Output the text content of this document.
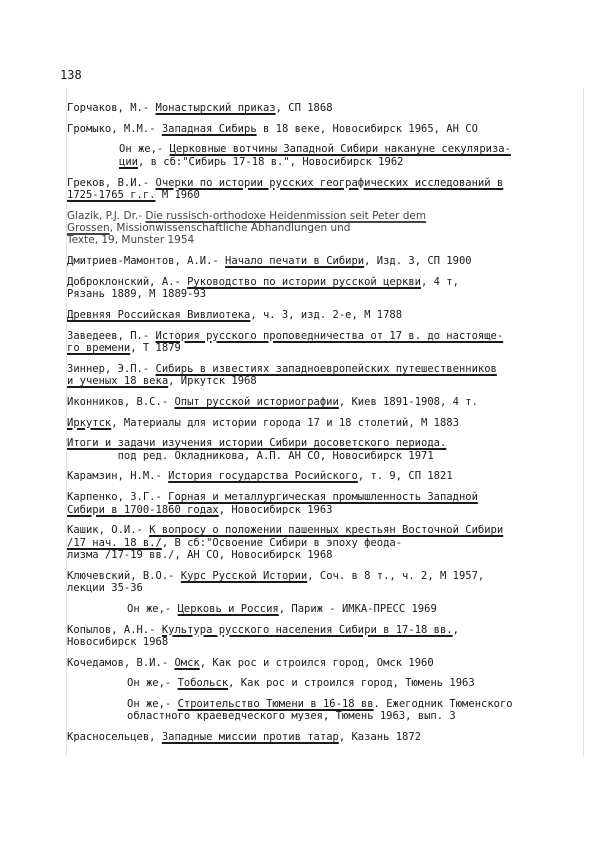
138
Горчаков, М.- Монастырский приказ, СП 1868
Громыко, М.М.- Западная Сибирь в 18 веке, Новосибирск 1965, АН СО
Он же,- Церковные вотчины Западной Сибири накануне секуляриза-
ции, в сб:"Сибирь 17-18 в.", Новосибирск 1962
Греков, В.И.- Очерки по истории русских географических исследований в
1725-1765 г.г. М 1960
Glazik, P.J. Dr.- Die russisch-orthodoxe Heidenmission seit Peter dem
Grossen, Missionwissenschaftliche Abhandlungen und
Texte, 19, Munster 1954
Дмитриев-Мамонтов, А.И.- Начало печати в Сибири, Изд. 3, СП 1900
Доброклонский, А.- Руководство по истории русской церкви, 4 т,
Рязань 1889, М 1889-93
Древняя Российская Вивлиотека, ч. 3, изд. 2-е, М 1788
Заведеев, П.- История русского проповедничества от 17 в. до настояще-
го времени, Т 1879
Зиннер, Э.П.- Сибирь в известиях западноевропейских путешественников
и ученых 18 века, Иркутск 1968
Иконников, В.С.- Опыт русской историографии, Киев 1891-1908, 4 т.
Иркутск, Материалы для истории города 17 и 18 столетий, М 1883
Итоги и задачи изучения истории Сибири досоветского периода.
под ред. Окладникова, А.П. АН СО, Новосибирск 1971
Карамзин, Н.М.- История государства Росийского, т. 9, СП 1821
Карпенко, З.Г.- Горная и металлургическая промышленность Западной
Сибири в 1700-1860 годах, Новосибирск 1963
Кашик, О.И.- К вопросу о положении пашенных крестьян Восточной Сибири
/17 нач. 18 в./, В сб:"Освоение Сибири в эпоху феода-
лизма /17-19 вв./, АН СО, Новосибирск 1968
Ключевский, В.О.- Курс Русской Истории, Соч. в 8 т., ч. 2, М 1957,
лекции 35-36
Он же,- Церковь и Россия, Париж - ИМКА-ПРЕСС 1969
Копылов, А.Н.- Культура русского населения Сибири в 17-18 вв.,
Новосибирск 1968
Кочедамов, В.И.- Омск, Как рос и строился город, Омск 1960
Он же,- Тобольск, Как рос и строился город, Тюмень 1963
Он же,- Строительство Тюмени в 16-18 вв. Ежегодник Тюменского
областного краеведческого музея, Тюмень 1963, вып. 3
Красносельцев, Западные миссии против татар, Казань 1872
